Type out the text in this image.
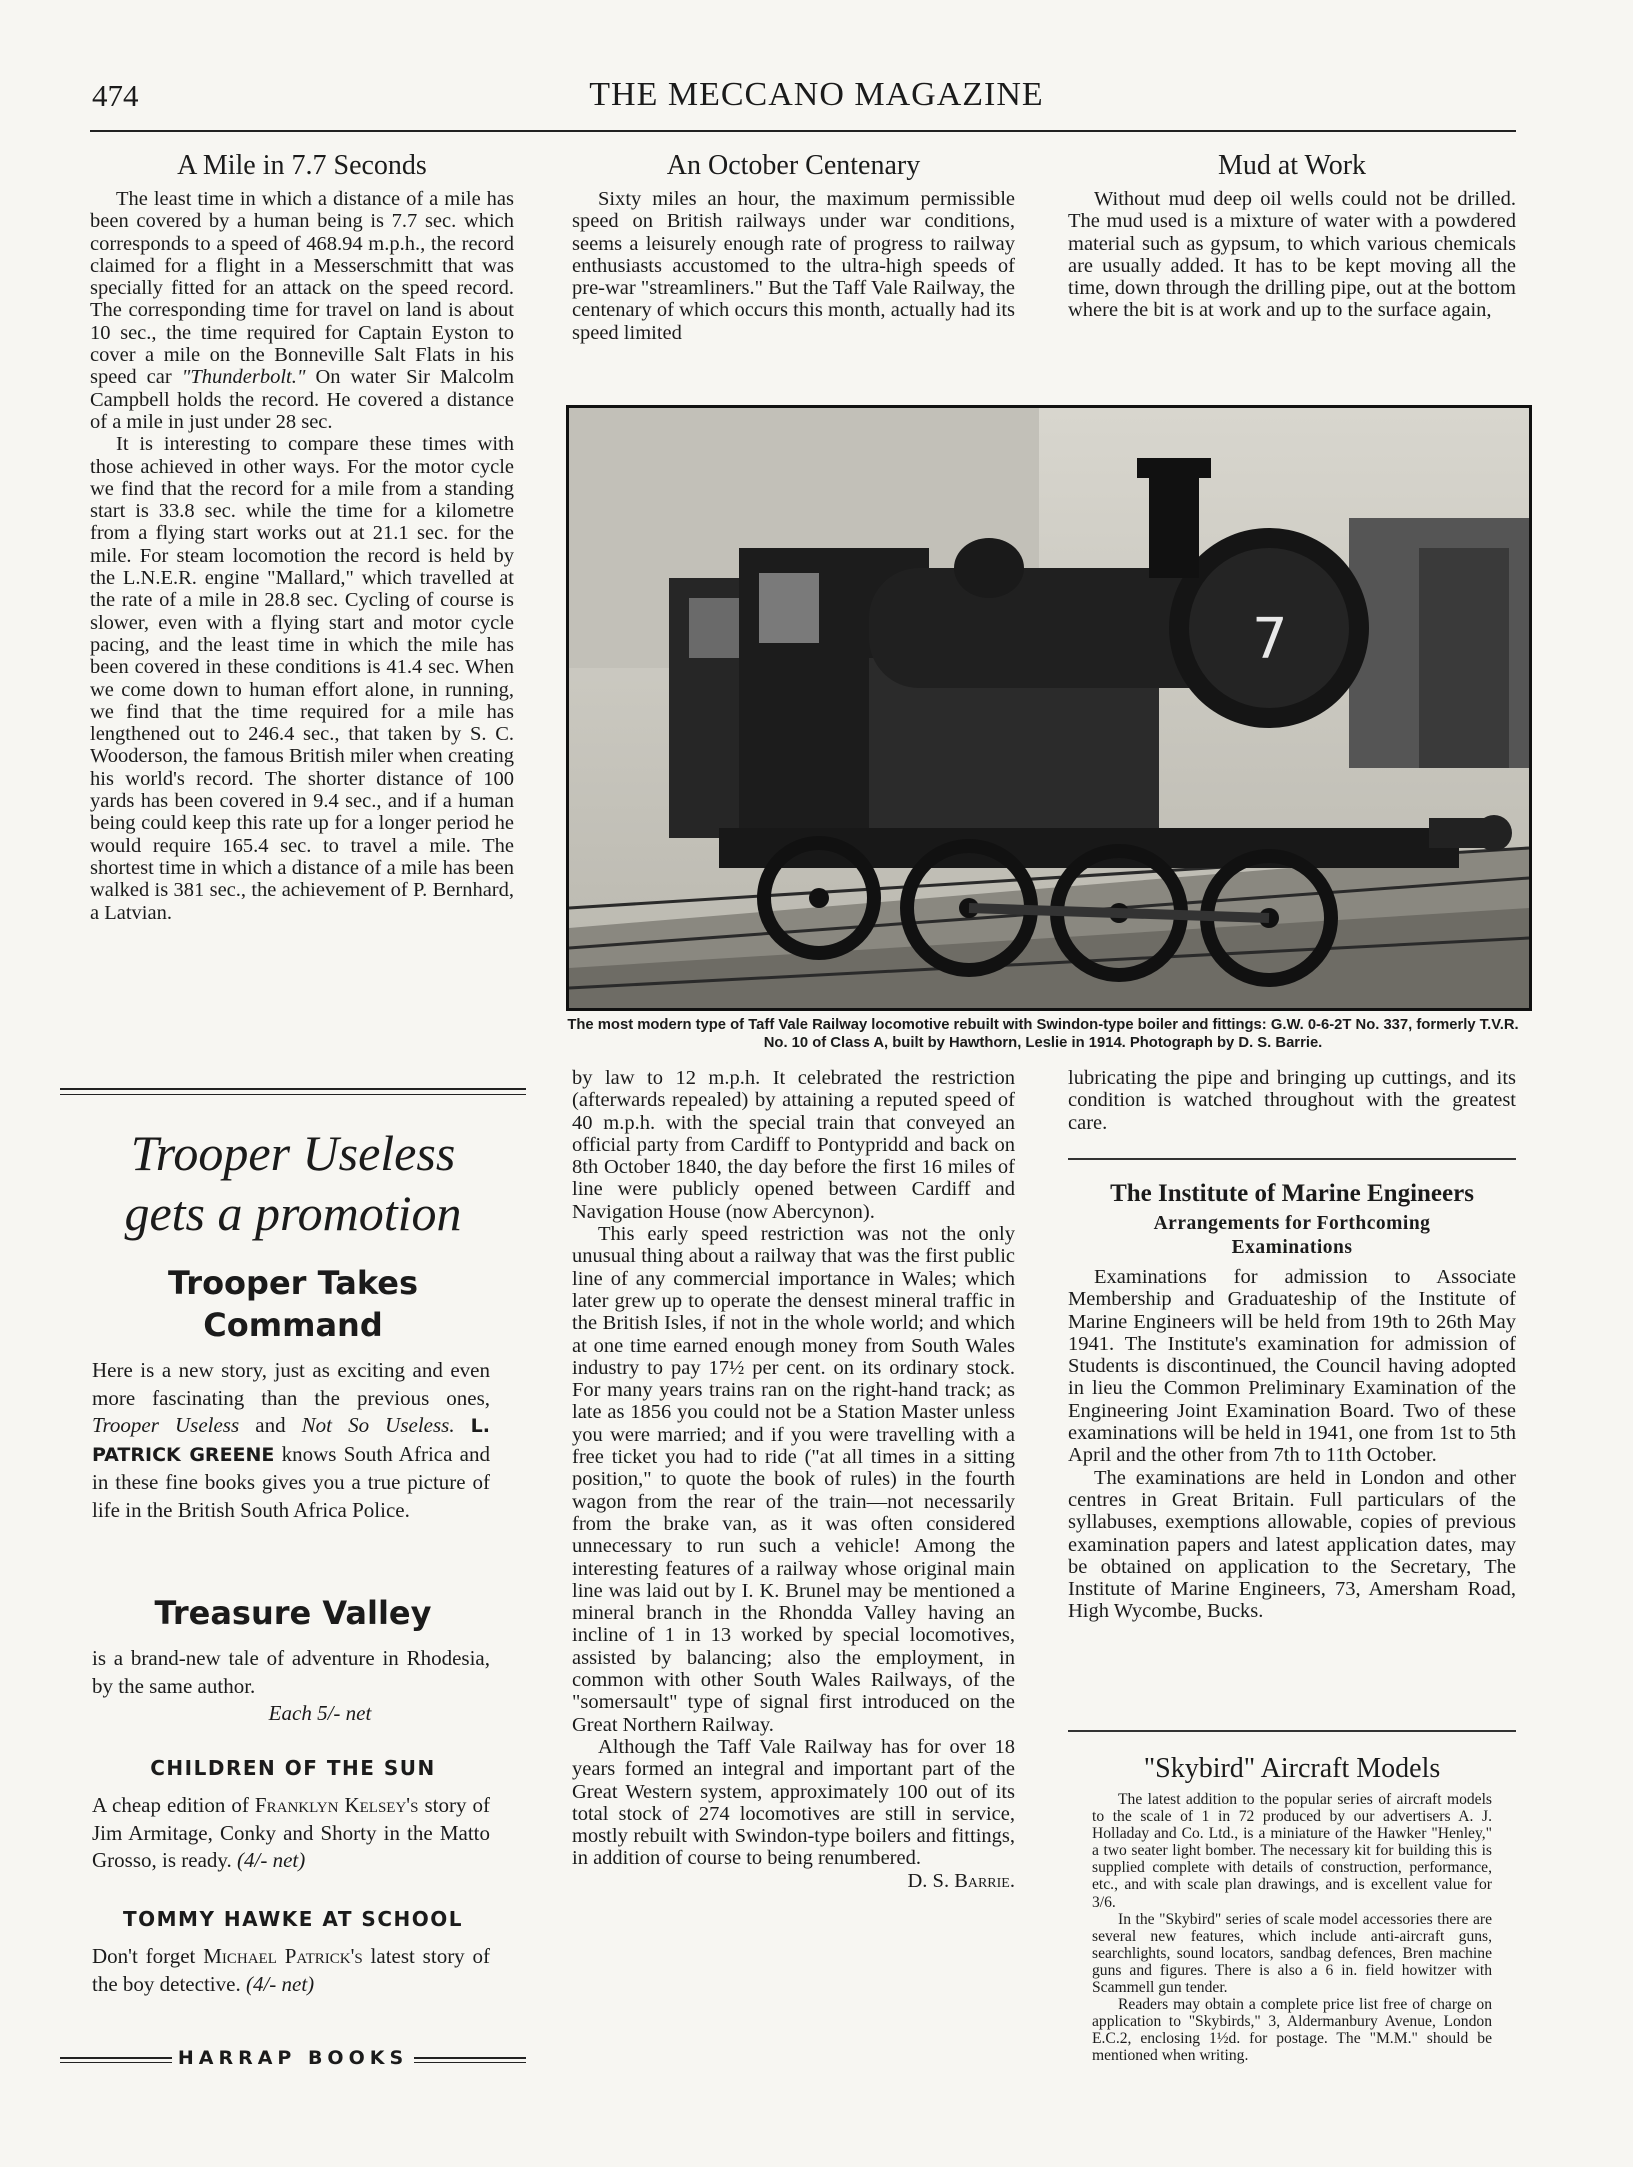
474	THE MECCANO MAGAZINE
A Mile in 7.7 Seconds

The least time in which a distance of a mile has been covered by a human being is 7.7 sec. which corresponds to a speed of 468.94 m.p.h., the record claimed for a flight in a Messerschmitt that was specially fitted for an attack on the speed record. The corresponding time for travel on land is about 10 sec., the time required for Captain Eyston to cover a mile on the Bonneville Salt Flats in his speed car "Thunderbolt." On water Sir Malcolm Campbell holds the record. He covered a distance of a mile in just under 28 sec.

It is interesting to compare these times with those achieved in other ways. For the motor cycle we find that the record for a mile from a standing start is 33.8 sec. while the time for a kilometre from a flying start works out at 21.1 sec. for the mile. For steam locomotion the record is held by the L.N.E.R. engine "Mallard," which travelled at the rate of a mile in 28.8 sec. Cycling of course is slower, even with a flying start and motor cycle pacing, and the least time in which the mile has been covered in these conditions is 41.4 sec. When we come down to human effort alone, in running, we find that the time required for a mile has lengthened out to 246.4 sec., that taken by S. C. Wooderson, the famous British miler when creating his world's record. The shorter distance of 100 yards has been covered in 9.4 sec., and if a human being could keep this rate up for a longer period he would require 165.4 sec. to travel a mile. The shortest time in which a distance of a mile has been walked is 381 sec., the achievement of P. Bernhard, a Latvian.

An October Centenary

Sixty miles an hour, the maximum permissible speed on British railways under war conditions, seems a leisurely enough rate of progress to railway enthusiasts accustomed to the ultra-high speeds of pre-war "streamliners." But the Taff Vale Railway, the centenary of which occurs this month, actually had its speed limited

Mud at Work

Without mud deep oil wells could not be drilled. The mud used is a mixture of water with a powdered material such as gypsum, to which various chemicals are usually added. It has to be kept moving all the time, down through the drilling pipe, out at the bottom where the bit is at work and up to the surface again,

7
The most modern type of Taff Vale Railway locomotive rebuilt with Swindon-type boiler and fittings: G.W. 0-6-2T No. 337, formerly T.V.R. No. 10 of Class A, built by Hawthorn, Leslie in 1914. Photograph by D. S. Barrie.

by law to 12 m.p.h. It celebrated the restriction (afterwards repealed) by attaining a reputed speed of 40 m.p.h. with the special train that conveyed an official party from Cardiff to Pontypridd and back on 8th October 1840, the day before the first 16 miles of line were publicly opened between Cardiff and Navigation House (now Abercynon).

This early speed restriction was not the only unusual thing about a railway that was the first public line of any commercial importance in Wales; which later grew up to operate the densest mineral traffic in the British Isles, if not in the whole world; and which at one time earned enough money from South Wales industry to pay 17½ per cent. on its ordinary stock. For many years trains ran on the right-hand track; as late as 1856 you could not be a Station Master unless you were married; and if you were travelling with a free ticket you had to ride ("at all times in a sitting position," to quote the book of rules) in the fourth wagon from the rear of the train—not necessarily from the brake van, as it was often considered unnecessary to run such a vehicle! Among the interesting features of a railway whose original main line was laid out by I. K. Brunel may be mentioned a mineral branch in the Rhondda Valley having an incline of 1 in 13 worked by special locomotives, assisted by balancing; also the employment, in common with other South Wales Railways, of the "somersault" type of signal first introduced on the Great Northern Railway.

Although the Taff Vale Railway has for over 18 years formed an integral and important part of the Great Western system, approximately 100 out of its total stock of 274 locomotives are still in service, mostly rebuilt with Swindon-type boilers and fittings, in addition of course to being renumbered.

D. S. Barrie.

lubricating the pipe and bringing up cuttings, and its condition is watched throughout with the greatest care.

The Institute of Marine Engineers
Arrangements for Forthcoming Examinations

Examinations for admission to Associate Membership and Graduateship of the Institute of Marine Engineers will be held from 19th to 26th May 1941. The Institute's examination for admission of Students is discontinued, the Council having adopted in lieu the Common Preliminary Examination of the Engineering Joint Examination Board. Two of these examinations will be held in 1941, one from 1st to 5th April and the other from 7th to 11th October.

The examinations are held in London and other centres in Great Britain. Full particulars of the syllabuses, exemptions allowable, copies of previous examination papers and latest application dates, may be obtained on application to the Secretary, The Institute of Marine Engineers, 73, Amersham Road, High Wycombe, Bucks.

"Skybird" Aircraft Models

The latest addition to the popular series of aircraft models to the scale of 1 in 72 produced by our advertisers A. J. Holladay and Co. Ltd., is a miniature of the Hawker "Henley," a two seater light bomber. The necessary kit for building this is supplied complete with details of construction, performance, etc., and with scale plan drawings, and is excellent value for 3/6.

In the "Skybird" series of scale model accessories there are several new features, which include anti-aircraft guns, searchlights, sound locators, sandbag defences, Bren machine guns and figures. There is also a 6 in. field howitzer with Scammell gun tender.

Readers may obtain a complete price list free of charge on application to "Skybirds," 3, Aldermanbury Avenue, London E.C.2, enclosing 1½d. for postage. The "M.M." should be mentioned when writing.

Trooper Useless
gets a promotion
Trooper Takes
Command
Here is a new story, just as exciting and even more fascinating than the previous ones, Trooper Useless and Not So Useless. L. PATRICK GREENE knows South Africa and in these fine books gives you a true picture of life in the British South Africa Police.
Treasure Valley
is a brand-new tale of adventure in Rhodesia, by the same author.
Each 5/- net
CHILDREN OF THE SUN
A cheap edition of Franklyn Kelsey's story of Jim Armitage, Conky and Shorty in the Matto Grosso, is ready. (4/- net)
TOMMY HAWKE AT SCHOOL
Don't forget Michael Patrick's latest story of the boy detective. (4/- net)
HARRAP BOOKS
